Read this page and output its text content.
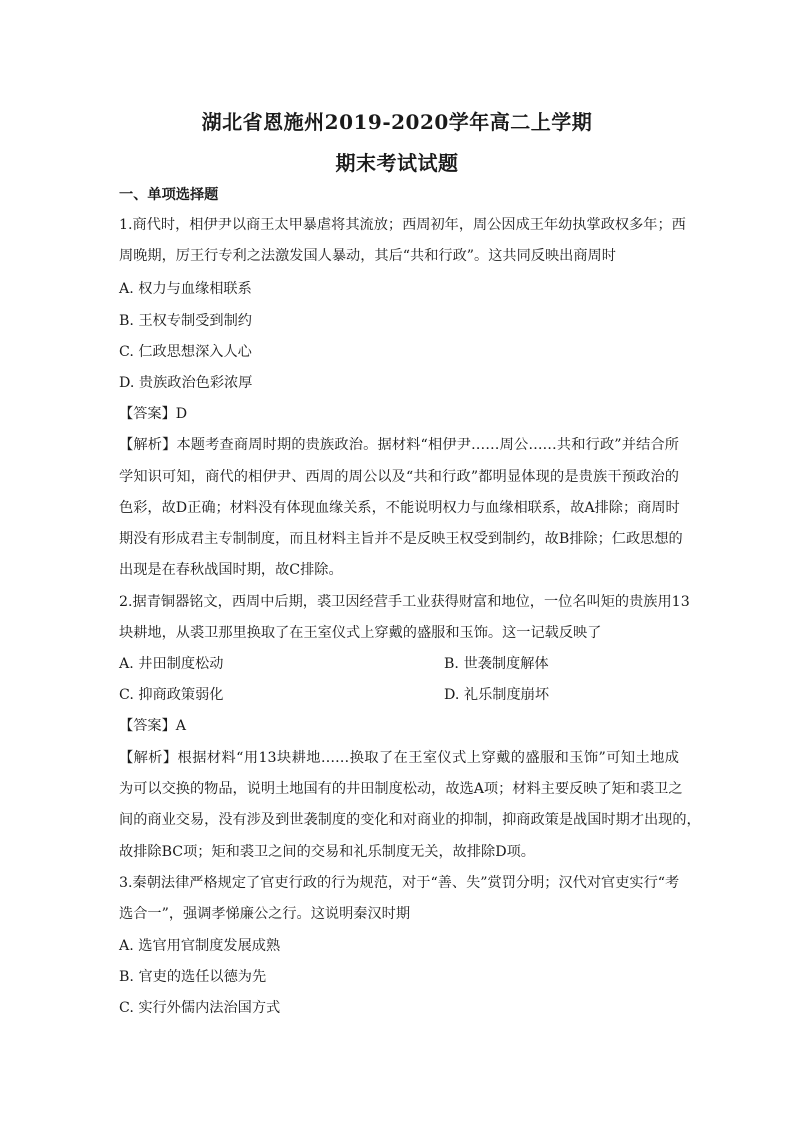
湖北省恩施州2019-2020学年高二上学期
期末考试试题
一、单项选择题
1.商代时，相伊尹以商王太甲暴虐将其流放；西周初年，周公因成王年幼执掌政权多年；西
周晚期，厉王行专利之法激发国人暴动，其后“共和行政”。这共同反映出商周时
A. 权力与血缘相联系
B. 王权专制受到制约
C. 仁政思想深入人心
D. 贵族政治色彩浓厚
【答案】D
【解析】本题考查商周时期的贵族政治。据材料“相伊尹……周公……共和行政”并结合所
学知识可知，商代的相伊尹、西周的周公以及“共和行政”都明显体现的是贵族干预政治的
色彩，故D正确；材料没有体现血缘关系，不能说明权力与血缘相联系，故A排除；商周时
期没有形成君主专制制度，而且材料主旨并不是反映王权受到制约，故B排除；仁政思想的
出现是在春秋战国时期，故C排除。
2.据青铜器铭文，西周中后期，裘卫因经营手工业获得财富和地位，一位名叫矩的贵族用13
块耕地，从裘卫那里换取了在王室仪式上穿戴的盛服和玉饰。这一记载反映了
A. 井田制度松动	B. 世袭制度解体
C. 抑商政策弱化	D. 礼乐制度崩坏
【答案】A
【解析】根据材料“用13块耕地……换取了在王室仪式上穿戴的盛服和玉饰”可知土地成
为可以交换的物品，说明土地国有的井田制度松动，故选A项；材料主要反映了矩和裘卫之
间的商业交易，没有涉及到世袭制度的变化和对商业的抑制，抑商政策是战国时期才出现的，
故排除BC项；矩和裘卫之间的交易和礼乐制度无关，故排除D项。
3.秦朝法律严格规定了官吏行政的行为规范，对于“善、失”赏罚分明；汉代对官吏实行“考
选合一”，强调孝悌廉公之行。这说明秦汉时期
A. 选官用官制度发展成熟
B. 官吏的选任以德为先
C. 实行外儒内法治国方式
